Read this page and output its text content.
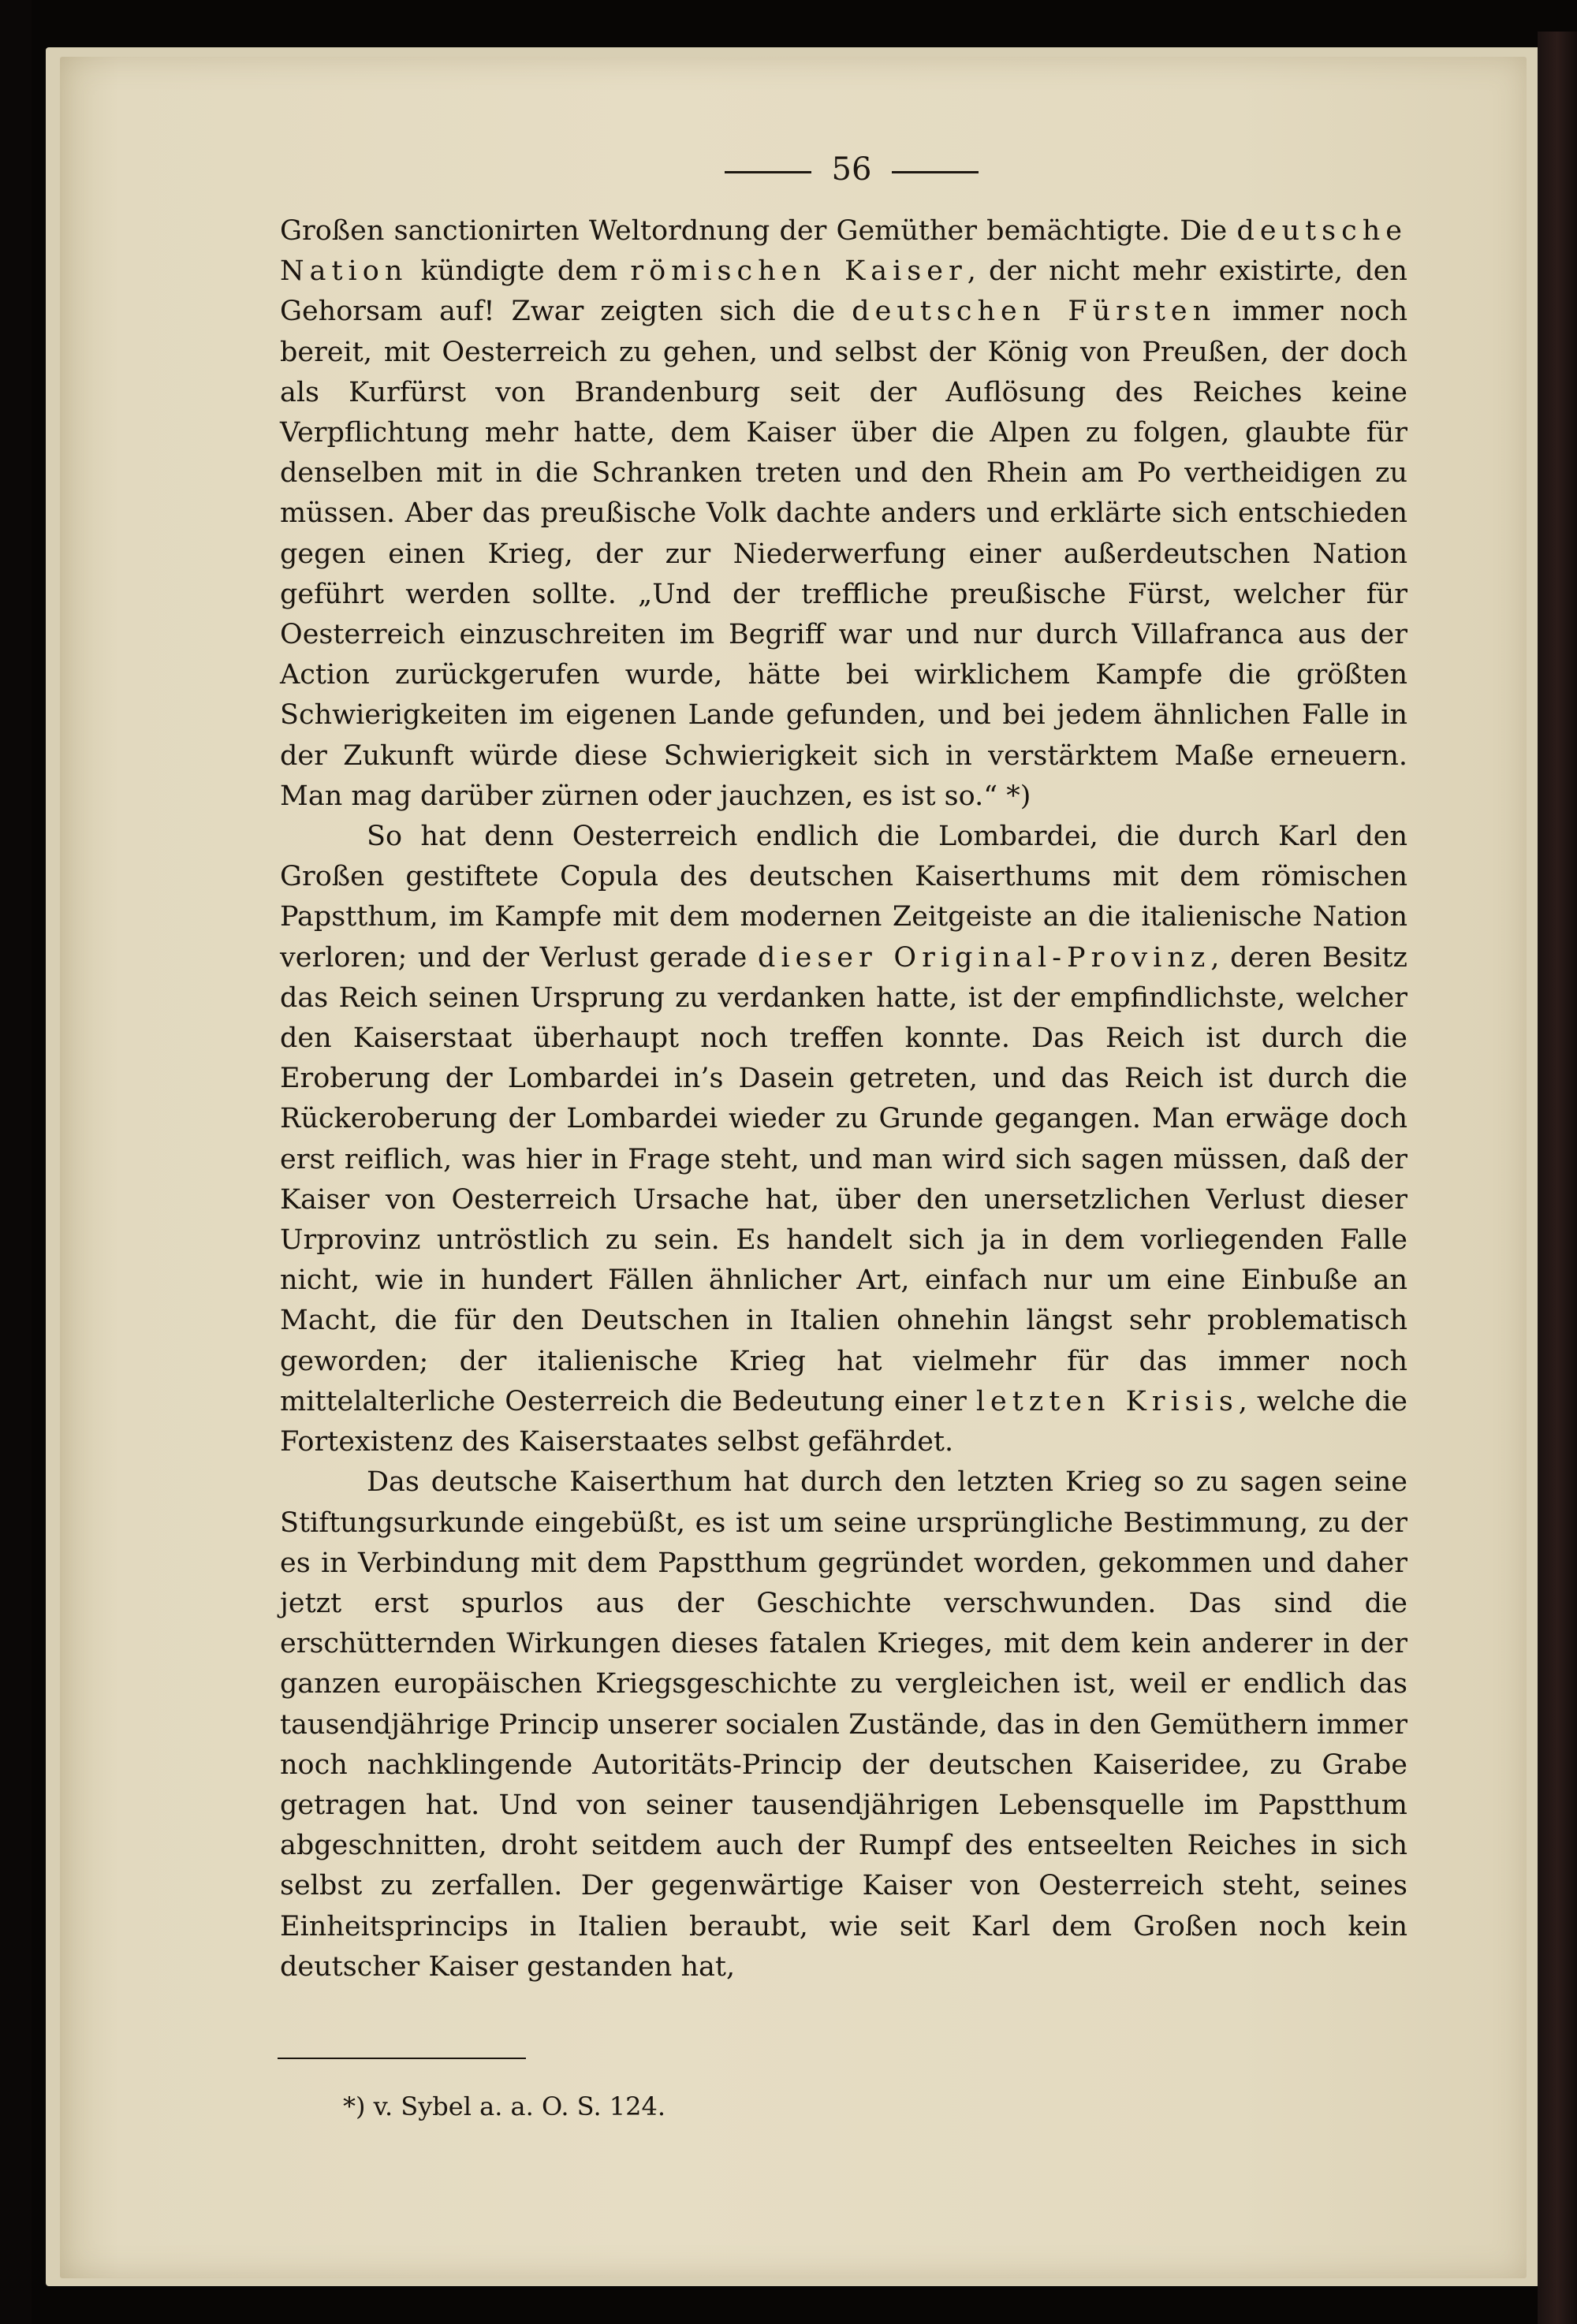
56

Großen sanctionirten Weltordnung der Gemüther bemächtigte. Die deutsche Nation kündigte dem römischen Kaiser, der nicht mehr existirte, den Gehorsam auf! Zwar zeigten sich die deutschen Fürsten immer noch bereit, mit Oesterreich zu gehen, und selbst der König von Preußen, der doch als Kurfürst von Brandenburg seit der Auflösung des Reiches keine Verpflichtung mehr hatte, dem Kaiser über die Alpen zu folgen, glaubte für denselben mit in die Schranken treten und den Rhein am Po vertheidigen zu müssen. Aber das preußische Volk dachte anders und erklärte sich entschieden gegen einen Krieg, der zur Niederwerfung einer außerdeutschen Nation geführt werden sollte. „Und der treffliche preußische Fürst, welcher für Oesterreich einzuschreiten im Begriff war und nur durch Villafranca aus der Action zurückgerufen wurde, hätte bei wirklichem Kampfe die größten Schwierigkeiten im eigenen Lande gefunden, und bei jedem ähnlichen Falle in der Zukunft würde diese Schwierigkeit sich in verstärktem Maße erneuern. Man mag darüber zürnen oder jauchzen, es ist so.“ *)

So hat denn Oesterreich endlich die Lombardei, die durch Karl den Großen gestiftete Copula des deutschen Kaiserthums mit dem römischen Papstthum, im Kampfe mit dem modernen Zeitgeiste an die italienische Nation verloren; und der Verlust gerade dieser Original-Provinz, deren Besitz das Reich seinen Ursprung zu verdanken hatte, ist der empfindlichste, welcher den Kaiserstaat überhaupt noch treffen konnte. Das Reich ist durch die Eroberung der Lombardei in’s Dasein getreten, und das Reich ist durch die Rückeroberung der Lombardei wieder zu Grunde gegangen. Man erwäge doch erst reiflich, was hier in Frage steht, und man wird sich sagen müssen, daß der Kaiser von Oesterreich Ursache hat, über den unersetzlichen Verlust dieser Urprovinz untröstlich zu sein. Es handelt sich ja in dem vorliegenden Falle nicht, wie in hundert Fällen ähnlicher Art, einfach nur um eine Einbuße an Macht, die für den Deutschen in Italien ohnehin längst sehr problematisch geworden; der italienische Krieg hat vielmehr für das immer noch mittelalterliche Oesterreich die Bedeutung einer letzten Krisis, welche die Fortexistenz des Kaiserstaates selbst gefährdet.

Das deutsche Kaiserthum hat durch den letzten Krieg so zu sagen seine Stiftungsurkunde eingebüßt, es ist um seine ursprüngliche Bestimmung, zu der es in Verbindung mit dem Papstthum gegründet worden, gekommen und daher jetzt erst spurlos aus der Geschichte verschwunden. Das sind die erschütternden Wirkungen dieses fatalen Krieges, mit dem kein anderer in der ganzen europäischen Kriegsgeschichte zu vergleichen ist, weil er endlich das tausendjährige Princip unserer socialen Zustände, das in den Gemüthern immer noch nachklingende Autoritäts-Princip der deutschen Kaiseridee, zu Grabe getragen hat. Und von seiner tausendjährigen Lebensquelle im Papstthum abgeschnitten, droht seitdem auch der Rumpf des entseelten Reiches in sich selbst zu zerfallen. Der gegenwärtige Kaiser von Oesterreich steht, seines Einheitsprincips in Italien beraubt, wie seit Karl dem Großen noch kein deutscher Kaiser gestanden hat,

*) v. Sybel a. a. O. S. 124.
